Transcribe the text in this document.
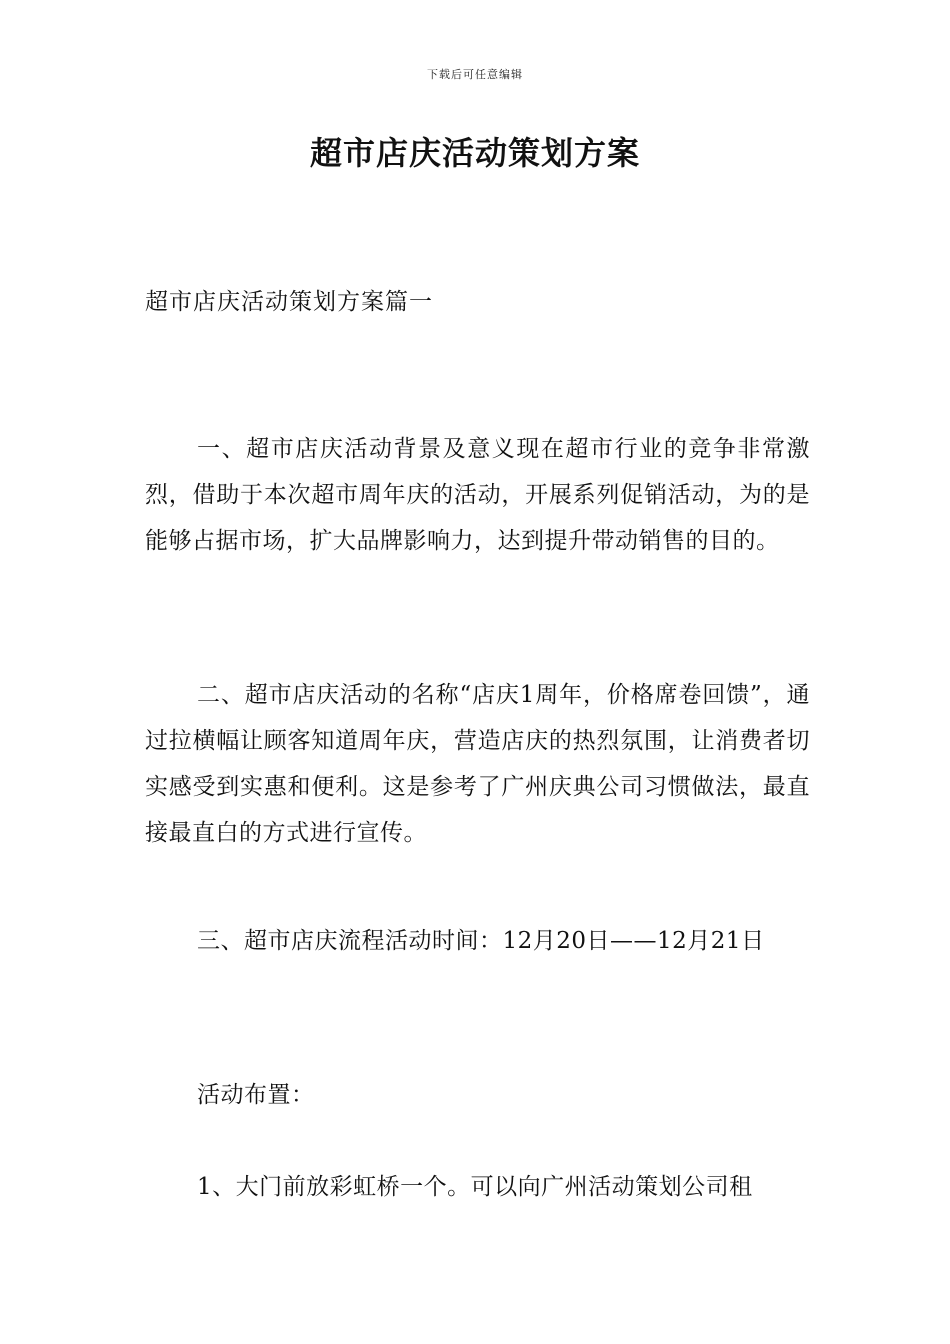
下载后可任意编辑
超市店庆活动策划方案
超市店庆活动策划方案篇一

一、超市店庆活动背景及意义现在超市行业的竞争非常激烈，借助于本次超市周年庆的活动，开展系列促销活动，为的是能够占据市场，扩大品牌影响力，达到提升带动销售的目的。

二、超市店庆活动的名称“店庆1周年，价格席卷回馈”，通过拉横幅让顾客知道周年庆，营造店庆的热烈氛围，让消费者切实感受到实惠和便利。这是参考了广州庆典公司习惯做法，最直接最直白的方式进行宣传。

三、超市店庆流程活动时间：12月20日——12月21日

活动布置：

1、大门前放彩虹桥一个。可以向广州活动策划公司租
